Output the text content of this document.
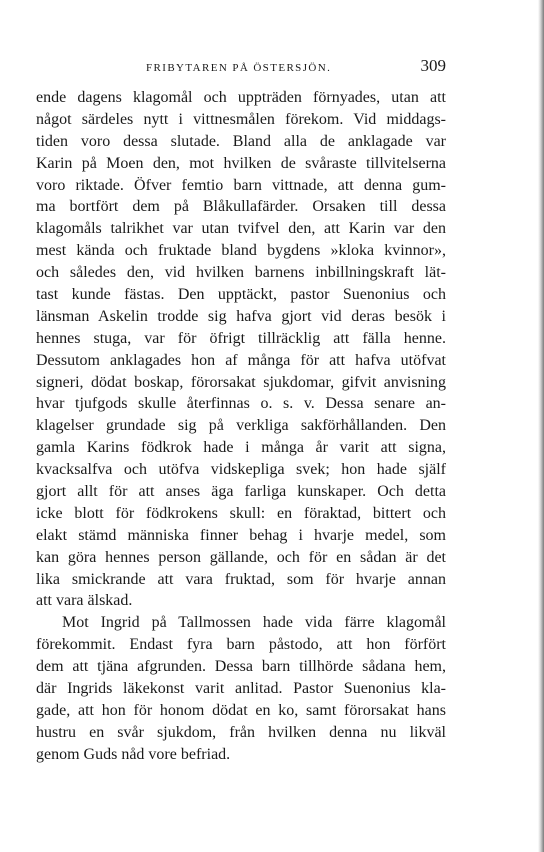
FRIBYTAREN PÅ ÖSTERSJÖN.	309
ende dagens klagomål och uppträden förnyades, utan att
något särdeles nytt i vittnesmålen förekom. Vid middags-
tiden voro dessa slutade. Bland alla de anklagade var
Karin på Moen den, mot hvilken de svåraste tillvitelserna
voro riktade. Öfver femtio barn vittnade, att denna gum-
ma bortfört dem på Blåkullafärder. Orsaken till dessa
klagomåls talrikhet var utan tvifvel den, att Karin var den
mest kända och fruktade bland bygdens »kloka kvinnor»,
och således den, vid hvilken barnens inbillningskraft lät-
tast kunde fästas. Den upptäckt, pastor Suenonius och
länsman Askelin trodde sig hafva gjort vid deras besök i
hennes stuga, var för öfrigt tillräcklig att fälla henne.
Dessutom anklagades hon af många för att hafva utöfvat
signeri, dödat boskap, förorsakat sjukdomar, gifvit anvisning
hvar tjufgods skulle återfinnas o. s. v. Dessa senare an-
klagelser grundade sig på verkliga sakförhållanden. Den
gamla Karins födkrok hade i många år varit att signa,
kvacksalfva och utöfva vidskepliga svek; hon hade själf
gjort allt för att anses äga farliga kunskaper. Och detta
icke blott för födkrokens skull: en föraktad, bittert och
elakt stämd människa finner behag i hvarje medel, som
kan göra hennes person gällande, och för en sådan är det
lika smickrande att vara fruktad, som för hvarje annan
att vara älskad.
Mot Ingrid på Tallmossen hade vida färre klagomål
förekommit. Endast fyra barn påstodo, att hon förfört
dem att tjäna afgrunden. Dessa barn tillhörde sådana hem,
där Ingrids läkekonst varit anlitad. Pastor Suenonius kla-
gade, att hon för honom dödat en ko, samt förorsakat hans
hustru en svår sjukdom, från hvilken denna nu likväl
genom Guds nåd vore befriad.
